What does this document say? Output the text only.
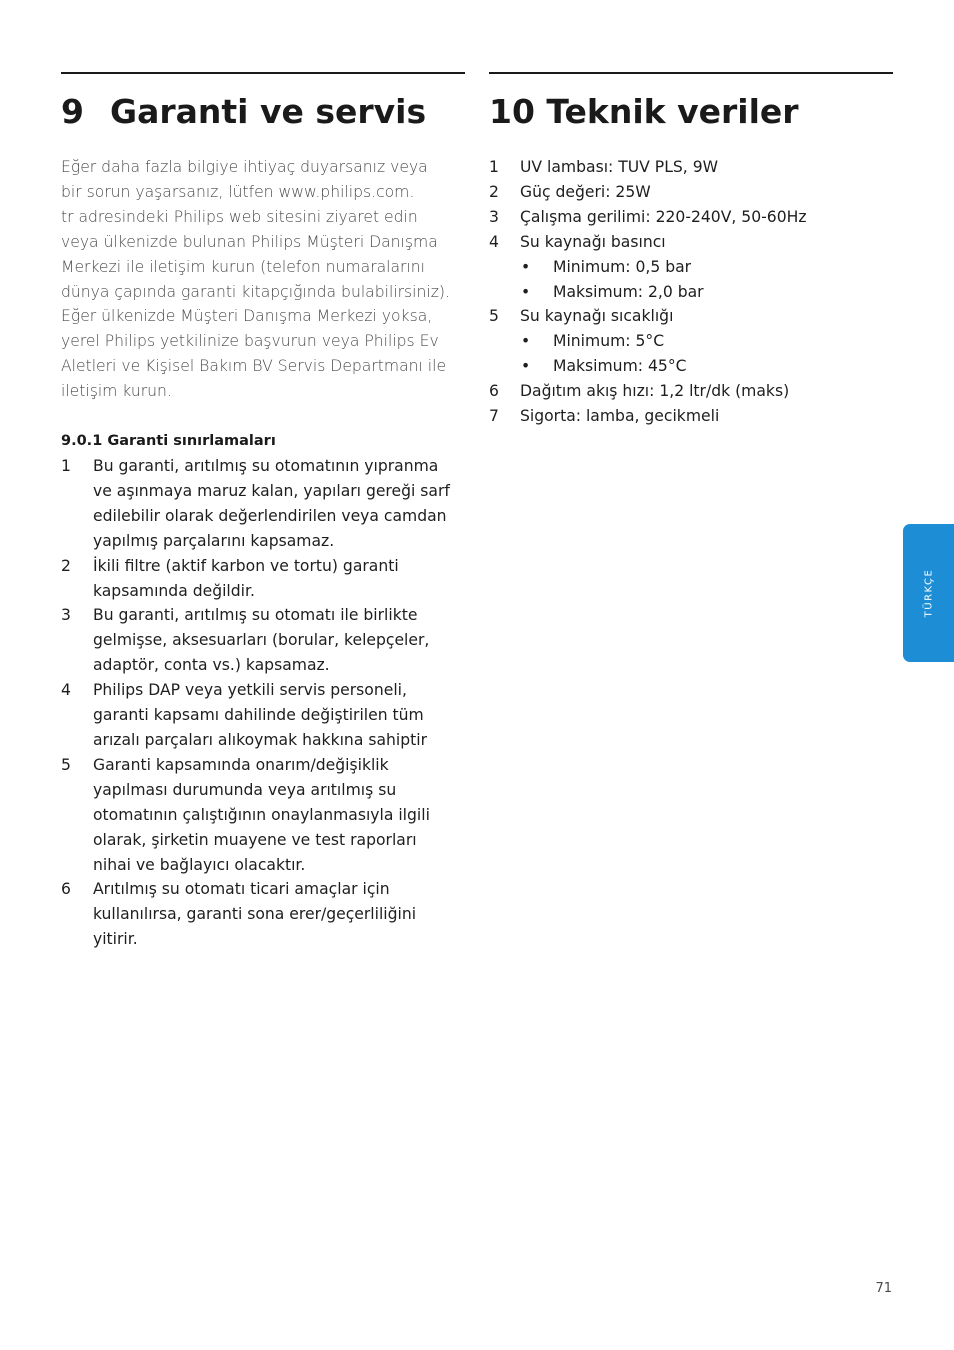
9 Garanti ve servis
Eğer daha fazla bilgiye ihtiyaç duyarsanız veya
bir sorun yaşarsanız, lütfen www.philips.com.
tr adresindeki Philips web sitesini ziyaret edin
veya ülkenizde bulunan Philips Müşteri Danışma
Merkezi ile iletişim kurun (telefon numaralarını
dünya çapında garanti kitapçığında bulabilirsiniz).
Eğer ülkenizde Müşteri Danışma Merkezi yoksa,
yerel Philips yetkilinize başvurun veya Philips Ev
Aletleri ve Kişisel Bakım BV Servis Departmanı ile
iletişim kurun.
9.0.1 Garanti sınırlamaları
1 Bu garanti, arıtılmış su otomatının yıpranma
ve aşınmaya maruz kalan, yapıları gereği sarf
edilebilir olarak değerlendirilen veya camdan
yapılmış parçalarını kapsamaz.
2 İkili filtre (aktif karbon ve tortu) garanti
kapsamında değildir.
3 Bu garanti, arıtılmış su otomatı ile birlikte
gelmişse, aksesuarları (borular, kelepçeler,
adaptör, conta vs.) kapsamaz.
4 Philips DAP veya yetkili servis personeli,
garanti kapsamı dahilinde değiştirilen tüm
arızalı parçaları alıkoymak hakkına sahiptir
5 Garanti kapsamında onarım/değişiklik
yapılması durumunda veya arıtılmış su
otomatının çalıştığının onaylanmasıyla ilgili
olarak, şirketin muayene ve test raporları
nihai ve bağlayıcı olacaktır.
6 Arıtılmış su otomatı ticari amaçlar için
kullanılırsa, garanti sona erer/geçerliliğini
yitirir.
10 Teknik veriler
1 UV lambası: TUV PLS, 9W
2 Güç değeri: 25W
3 Çalışma gerilimi: 220-240V, 50-60Hz
4 Su kaynağı basıncı
• Minimum: 0,5 bar
• Maksimum: 2,0 bar
5 Su kaynağı sıcaklığı
• Minimum: 5°C
• Maksimum: 45°C
6 Dağıtım akış hızı: 1,2 ltr/dk (maks)
7 Sigorta: lamba, gecikmeli
TÜRKÇE
71
